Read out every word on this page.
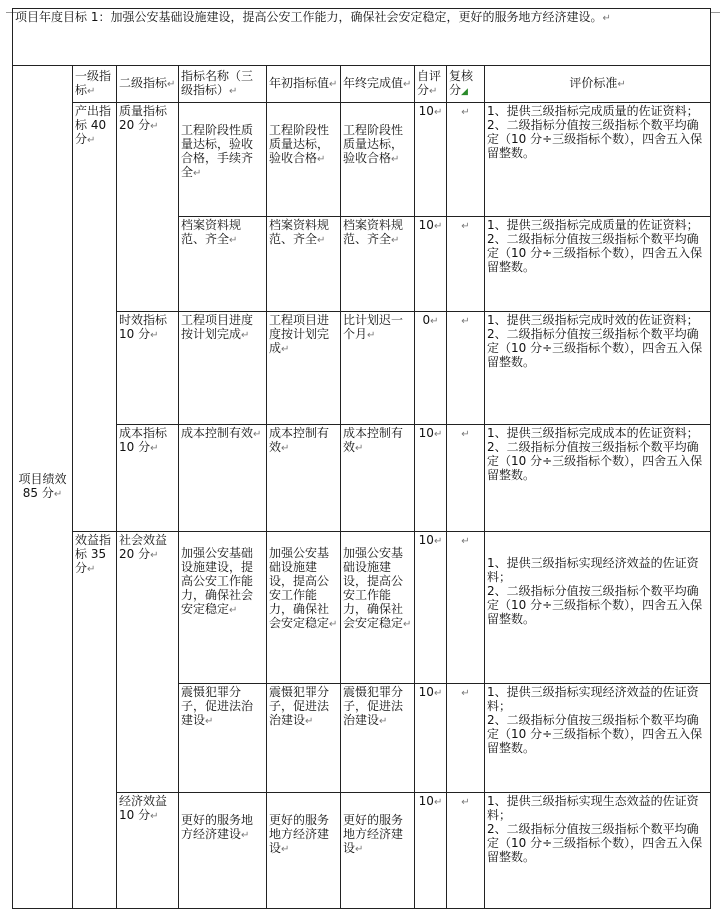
项目年度目标 1：加强公安基础设施建设，提高公安工作能力，确保社会安定稳定，更好的服务地方经济建设。↵								
项目绩效 85 分↵	一级指标↵	二级指标↵	指标名称（三级指标）↵	年初指标值↵	年终完成值↵	自评分↵	复核分◢	评价标准↵
	产出指标 40 分↵	质量指标 20 分↵	工程阶段性质量达标，验收合格，手续齐全↵	工程阶段性质量达标，验收合格↵	工程阶段性质量达标，验收合格↵	10↵	↵	1、提供三级指标完成质量的佐证资料；
2、二级指标分值按三级指标个数平均确定（10 分÷三级指标个数），四舍五入保留整数。

			档案资料规范、齐全↵	档案资料规范、齐全↵	档案资料规范、齐全↵	10↵	↵	1、提供三级指标完成质量的佐证资料；
2、二级指标分值按三级指标个数平均确定（10 分÷三级指标个数），四舍五入保留整数。

		时效指标 10 分↵	工程项目进度按计划完成↵	工程项目进度按计划完成↵	比计划迟一个月↵	0↵	↵	1、提供三级指标完成时效的佐证资料；
2、二级指标分值按三级指标个数平均确定（10 分÷三级指标个数），四舍五入保留整数。

		成本指标 10 分↵	成本控制有效↵	成本控制有效↵	成本控制有效↵	10↵	↵	1、提供三级指标完成成本的佐证资料；
2、二级指标分值按三级指标个数平均确定（10 分÷三级指标个数），四舍五入保留整数。

	效益指标 35 分↵	社会效益 20 分↵	加强公安基础设施建设，提高公安工作能力，确保社会安定稳定↵	加强公安基础设施建设，提高公安工作能力，确保社会安定稳定↵	加强公安基础设施建设，提高公安工作能力，确保社会安定稳定↵	10↵	↵	1、提供三级指标实现经济效益的佐证资料；
2、二级指标分值按三级指标个数平均确定（10 分÷三级指标个数），四舍五入保留整数。

			震慑犯罪分子，促进法治建设↵	震慑犯罪分子，促进法治建设↵	震慑犯罪分子，促进法治建设↵	10↵	↵	1、提供三级指标实现经济效益的佐证资料；
2、二级指标分值按三级指标个数平均确定（10 分÷三级指标个数），四舍五入保留整数。

		经济效益 10 分↵	更好的服务地方经济建设↵	更好的服务地方经济建设↵	更好的服务地方经济建设↵	10↵	↵	1、提供三级指标实现生态效益的佐证资料；
2、二级指标分值按三级指标个数平均确定（10 分÷三级指标个数），四舍五入保留整数。
